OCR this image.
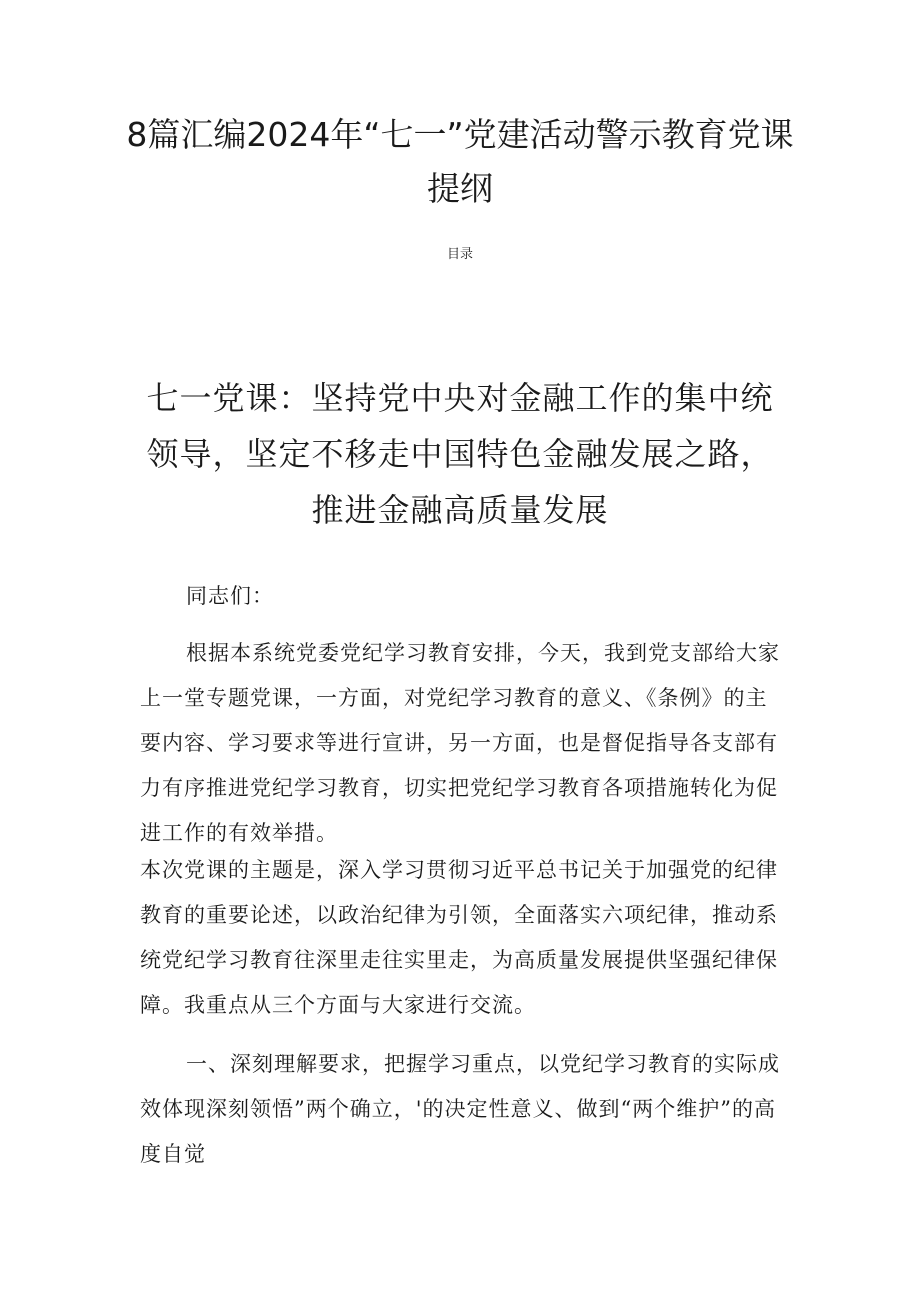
8篇汇编2024年“七一”党建活动警示教育党课提纲

目录

七一党课：坚持党中央对金融工作的集中统领导，坚定不移走中国特色金融发展之路，推进金融高质量发展

同志们：

根据本系统党委党纪学习教育安排，今天，我到党支部给大家上一堂专题党课，一方面，对党纪学习教育的意义、《条例》的主要内容、学习要求等进行宣讲，另一方面，也是督促指导各支部有力有序推进党纪学习教育，切实把党纪学习教育各项措施转化为促进工作的有效举措。

本次党课的主题是，深入学习贯彻习近平总书记关于加强党的纪律教育的重要论述，以政治纪律为引领，全面落实六项纪律，推动系统党纪学习教育往深里走往实里走，为高质量发展提供坚强纪律保障。我重点从三个方面与大家进行交流。

一、深刻理解要求，把握学习重点，以党纪学习教育的实际成效体现深刻领悟”两个确立，'的决定性意义、做到“两个维护”的高度自觉
